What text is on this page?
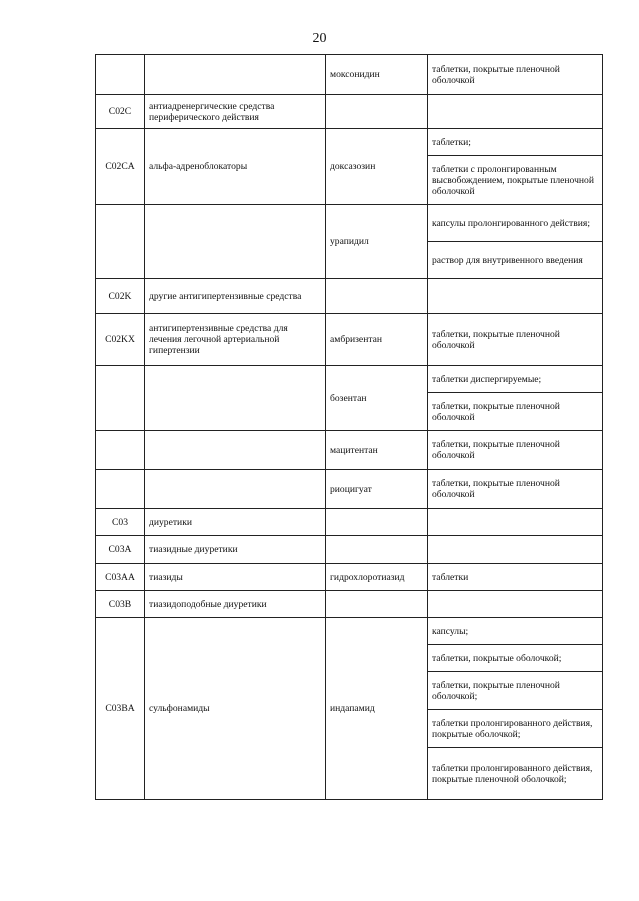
20
		моксонидин	таблетки, покрытые пленочной оболочкой

C02C	антиадренергические средства периферического действия		

C02CA	альфа-адреноблокаторы	доксазозин	таблетки;
таблетки с пролонгированным высвобождением, покрытые пленочной оболочкой

		урапидил	капсулы пролонгированного действия;
раствор для внутривенного введения

C02K	другие антигипертензивные средства		

C02KX	антигипертензивные средства для лечения легочной артериальной гипертензии	амбризентан	таблетки, покрытые пленочной оболочкой

		бозентан	таблетки диспергируемые;
таблетки, покрытые пленочной оболочкой

		мацитентан	таблетки, покрытые пленочной оболочкой

		риоцигуат	таблетки, покрытые пленочной оболочкой

C03	диуретики		

C03A	тиазидные диуретики		

C03AA	тиазиды	гидрохлоротиазид	таблетки

C03B	тиазидоподобные диуретики		

C03BA	сульфонамиды	индапамид	капсулы;
таблетки, покрытые оболочкой;
таблетки, покрытые пленочной оболочкой;
таблетки пролонгированного действия, покрытые оболочкой;
таблетки пролонгированного действия, покрытые пленочной оболочкой;
